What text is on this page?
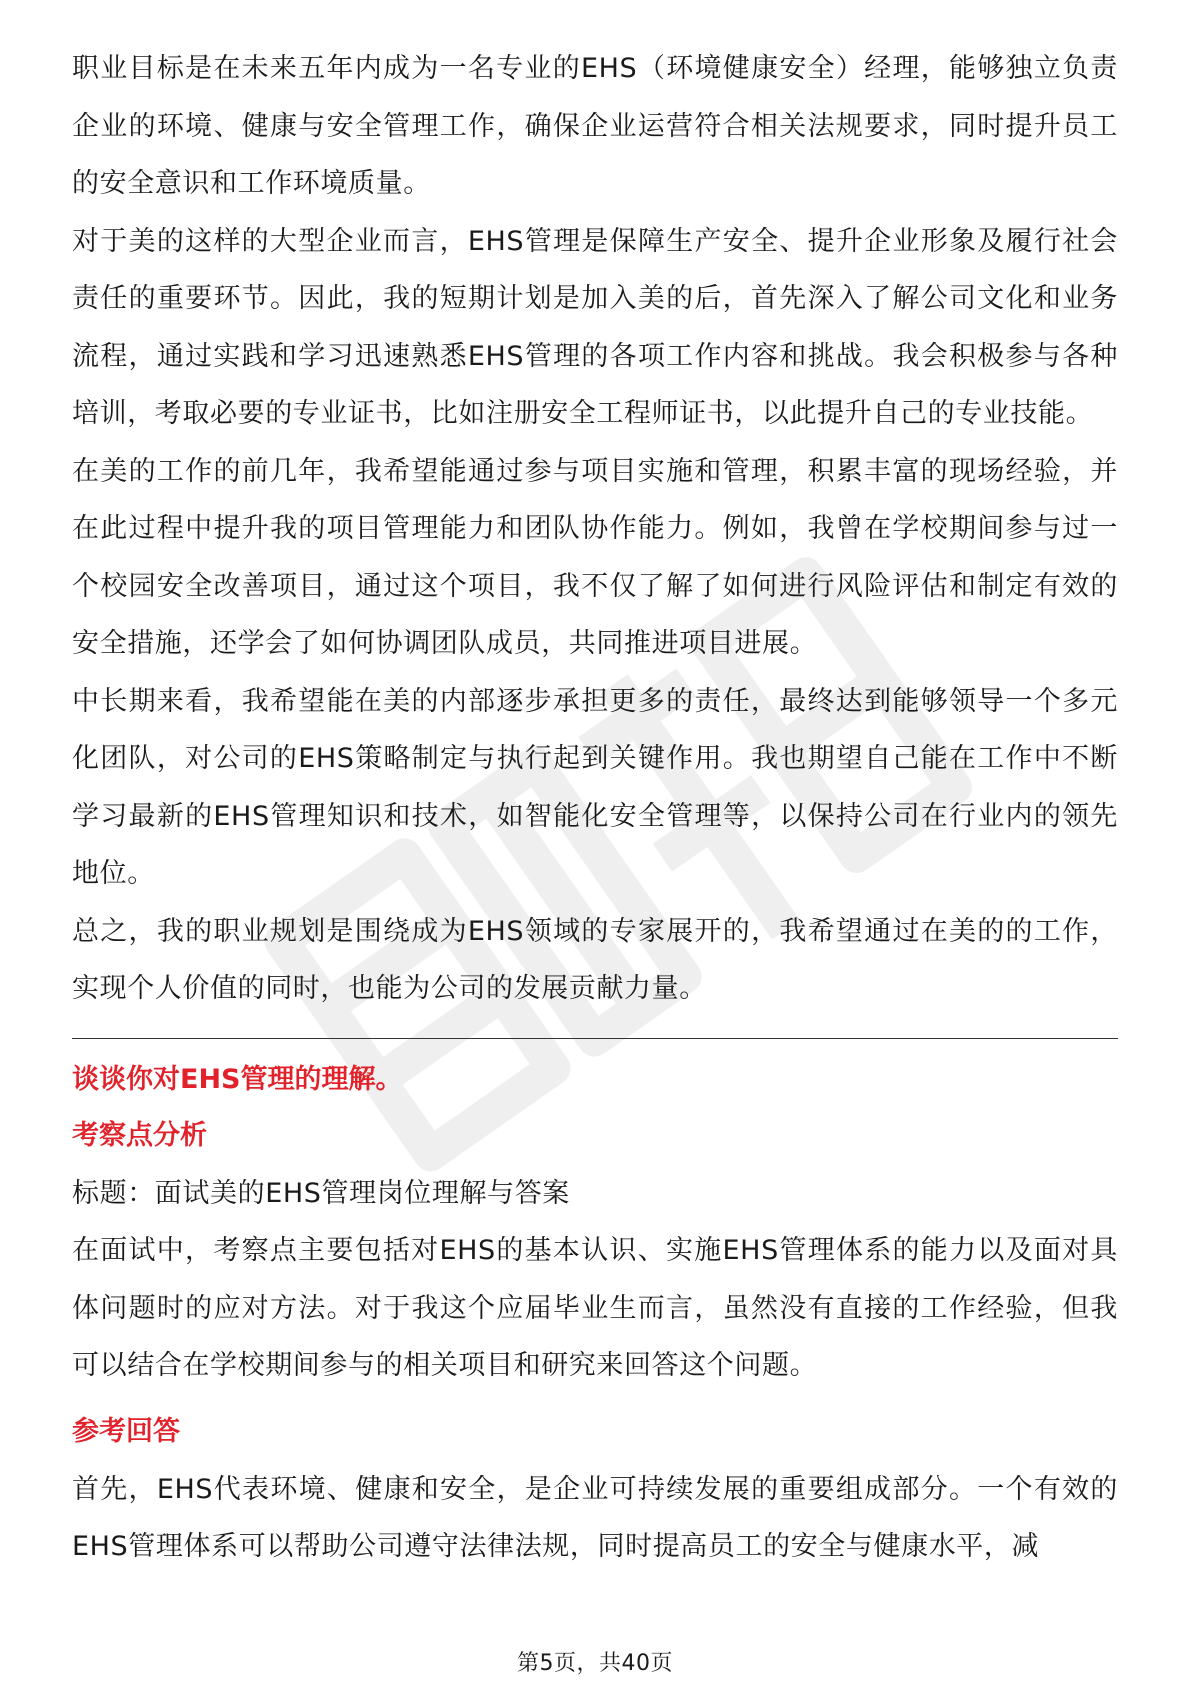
职业目标是在未来五年内成为一名专业的EHS（环境健康安全）经理，能够独立负责企业的环境、健康与安全管理工作，确保企业运营符合相关法规要求，同时提升员工的安全意识和工作环境质量。

对于美的这样的大型企业而言，EHS管理是保障生产安全、提升企业形象及履行社会责任的重要环节。因此，我的短期计划是加入美的后，首先深入了解公司文化和业务流程，通过实践和学习迅速熟悉EHS管理的各项工作内容和挑战。我会积极参与各种培训，考取必要的专业证书，比如注册安全工程师证书，以此提升自己的专业技能。

在美的工作的前几年，我希望能通过参与项目实施和管理，积累丰富的现场经验，并在此过程中提升我的项目管理能力和团队协作能力。例如，我曾在学校期间参与过一个校园安全改善项目，通过这个项目，我不仅了解了如何进行风险评估和制定有效的安全措施，还学会了如何协调团队成员，共同推进项目进展。

中长期来看，我希望能在美的内部逐步承担更多的责任，最终达到能够领导一个多元化团队，对公司的EHS策略制定与执行起到关键作用。我也期望自己能在工作中不断学习最新的EHS管理知识和技术，如智能化安全管理等，以保持公司在行业内的领先地位。

总之，我的职业规划是围绕成为EHS领域的专家展开的，我希望通过在美的的工作，实现个人价值的同时，也能为公司的发展贡献力量。

谈谈你对EHS管理的理解。

考察点分析

标题：面试美的EHS管理岗位理解与答案

在面试中，考察点主要包括对EHS的基本认识、实施EHS管理体系的能力以及面对具体问题时的应对方法。对于我这个应届毕业生而言，虽然没有直接的工作经验，但我可以结合在学校期间参与的相关项目和研究来回答这个问题。

参考回答

首先，EHS代表环境、健康和安全，是企业可持续发展的重要组成部分。一个有效的EHS管理体系可以帮助公司遵守法律法规，同时提高员工的安全与健康水平，减

第5页，共40页
